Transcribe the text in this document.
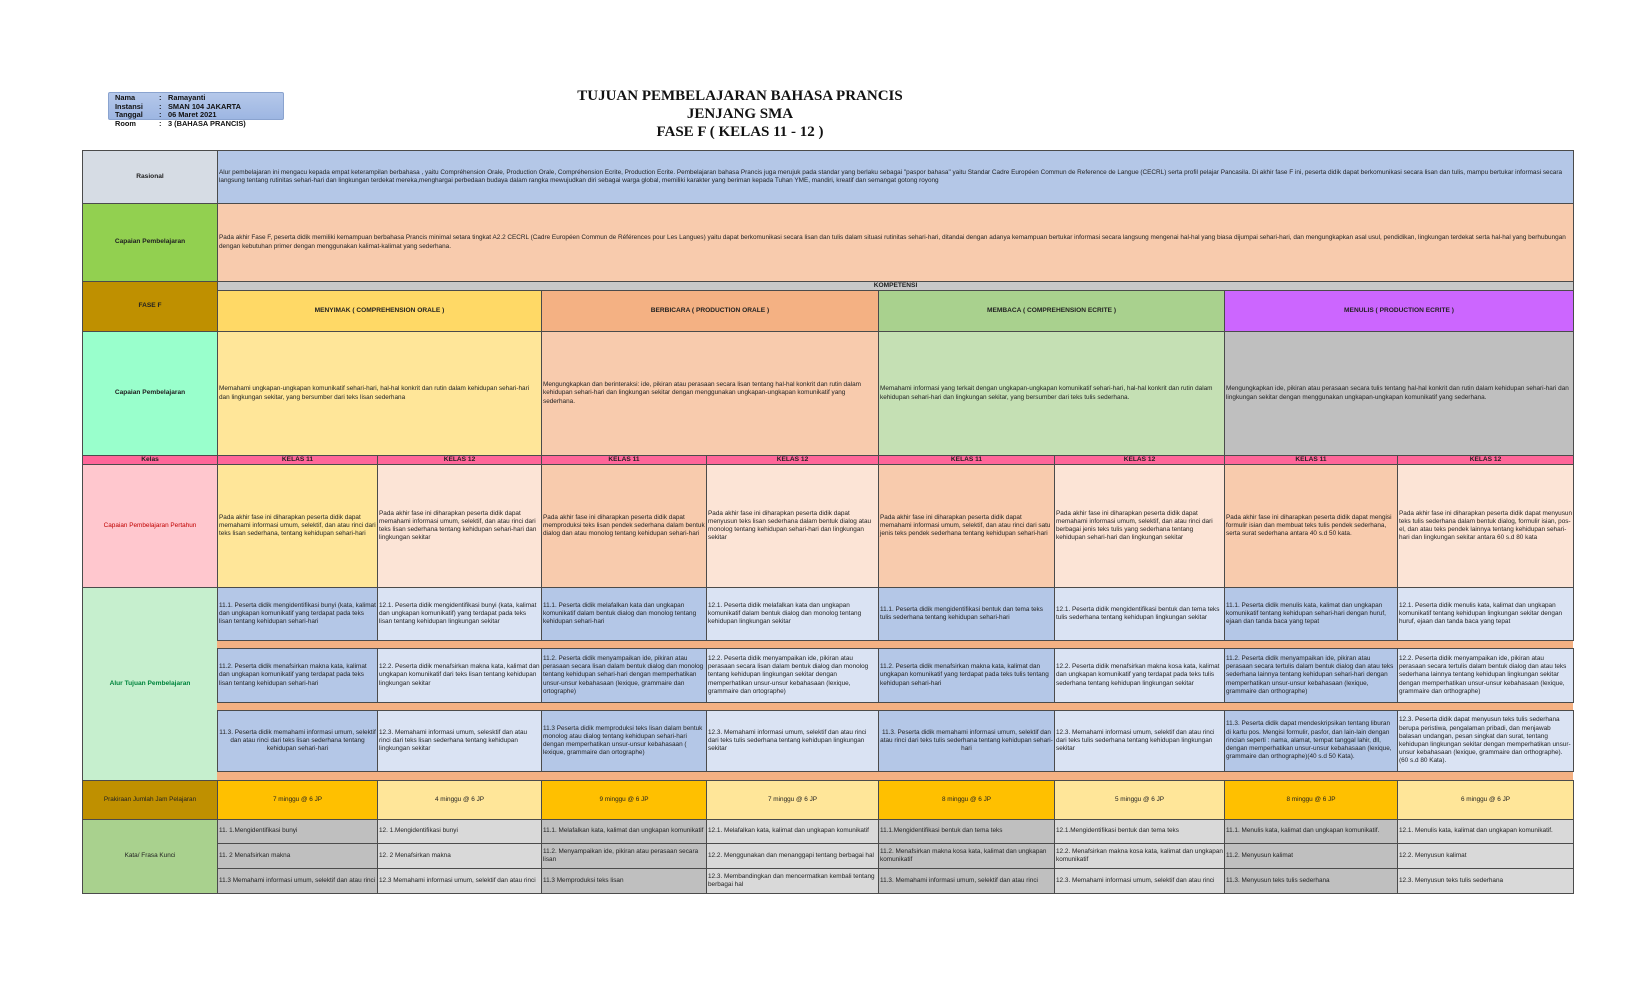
Nama	: Ramayanti
Instansi : SMAN 104 JAKARTA
Tanggal : 06 Maret 2021
Room	: 3 (BAHASA PRANCIS)
TUJUAN PEMBELAJARAN BAHASA PRANCIS
JENJANG SMA
FASE F ( KELAS 11 - 12 )
Rasional
Capaian Pembelajaran
FASE F
Capaian Pembelajaran
Kelas
Capaian Pembelajaran Pertahun
Alur Tujuan Pembelajaran
Prakiraan Jumlah Jam Pelajaran
Kata/ Frasa Kunci
Alur pembelajaran ini mengacu kepada empat keterampilan berbahasa , yaitu Compréhension Orale, Production Orale, Compréhension Ecrite, Production Ecrite. Pembelajaran bahasa Prancis juga merujuk pada standar yang berlaku sebagai "paspor bahasa" yaitu Standar Cadre Européen Commun de Reference de Langue (CECRL) serta profil pelajar Pancasila. Di akhir fase F ini, peserta didik dapat berkomunikasi secara lisan dan tulis, mampu bertukar informasi secara langsung tentang rutinitas sehari-hari dan lingkungan terdekat mereka,menghargai perbedaan budaya dalam rangka mewujudkan diri sebagai warga global, memiliki karakter yang beriman kepada Tuhan YME, mandiri, kreatif dan semangat gotong royong
Pada akhir Fase F, peserta didik memiliki kemampuan berbahasa Prancis minimal setara tingkat A2.2 CECRL (Cadre Européen Commun de Références pour Les Langues) yaitu dapat berkomunikasi secara lisan dan tulis dalam situasi rutinitas sehari-hari, ditandai dengan adanya kemampuan bertukar informasi secara langsung mengenai hal-hal yang biasa dijumpai sehari-hari, dan mengungkapkan asal usul, pendidikan, lingkungan terdekat serta hal-hal yang berhubungan dengan kebutuhan primer dengan menggunakan kalimat-kalimat yang sederhana.
KOMPETENSI
MENYIMAK ( COMPREHENSION ORALE )
Memahami ungkapan-ungkapan komunikatif sehari-hari, hal-hal konkrit dan rutin dalam kehidupan sehari-hari dan lingkungan sekitar, yang bersumber dari teks lisan sederhana
BERBICARA ( PRODUCTION ORALE )
Mengungkapkan dan berinteraksi: ide, pikiran atau perasaan secara lisan tentang hal-hal konkrit dan rutin dalam kehidupan sehari-hari dan lingkungan sekitar dengan menggunakan ungkapan-ungkapan komunikatif yang sederhana.
MEMBACA ( COMPREHENSION ECRITE )
Memahami informasi yang terkait dengan ungkapan-ungkapan komunikatif sehari-hari, hal-hal konkrit dan rutin dalam kehidupan sehari-hari dan lingkungan sekitar, yang bersumber dari teks tulis sederhana.
MENULIS ( PRODUCTION ECRITE )
Mengungkapkan ide, pikiran atau perasaan secara tulis tentang hal-hal konkrit dan rutin dalam kehidupan sehari-hari dan lingkungan sekitar dengan menggunakan ungkapan-ungkapan komunikatif yang sederhana.
KELAS 11
Pada akhir fase ini diharapkan peserta didik dapat memahami informasi umum, selektif, dan atau rinci dari teks lisan sederhana, tentang kehidupan sehari-hari
11.1. Peserta didik mengidentifikasi bunyi (kata, kalimat dan ungkapan komunikatif yang terdapat pada teks lisan tentang kehidupan sehari-hari
11.2. Peserta didik menafsirkan makna kata, kalimat dan ungkapan komunikatif yang terdapat pada teks lisan tentang kehidupan sehari-hari
11.3. Peserta didik memahami informasi umum, selektif dan atau rinci dari teks lisan sederhana tentang kehidupan sehari-hari
7 minggu @ 6 JP
11. 1.Mengidentifikasi bunyi
11. 2 Menafsirkan makna
11.3 Memahami informasi umum, selektif dan atau rinci
KELAS 12
Pada akhir fase ini diharapkan peserta didik dapat memahami informasi umum, selektif, dan atau rinci dari teks lisan sederhana tentang kehidupan sehari-hari dan lingkungan sekitar
12.1. Peserta didik mengidentifikasi bunyi (kata, kalimat dan ungkapan komunikatif) yang terdapat pada teks lisan tentang kehidupan lingkungan sekitar
12.2. Peserta didik menafsirkan makna kata, kalimat dan ungkapan komunikatif dari teks lisan tentang kehidupan lingkungan sekitar
12.3. Memahami informasi umum, selesktif dan atau rinci dari teks lisan sederhana tentang kehidupan lingkungan sekitar
4 minggu @ 6 JP
12. 1.Mengidentifikasi bunyi
12. 2 Menafsirkan makna
12.3 Memahami informasi umum, selektif dan atau rinci
KELAS 11
Pada akhir fase ini diharapkan peserta didik dapat memproduksi teks lisan pendek sederhana dalam bentuk dialog dan atau monolog tentang kehidupan sehari-hari
11.1. Peserta didik melafalkan kata dan ungkapan komunikatif dalam bentuk dialog dan monolog tentang kehidupan sehari-hari
11.2. Peserta didik menyampaikan ide, pikiran atau perasaan secara lisan dalam bentuk dialog dan monolog tentang kehidupan sehari-hari dengan memperhatikan unsur-unsur kebahasaan (lexique, grammaire dan ortographe)
11.3 Peserta didik memproduksi teks lisan dalam bentuk monolog atau dialog tentang kehidupan sehari-hari dengan memperhatikan unsur-unsur kebahasaan ( lexique, grammaire dan ortographe)
9 minggu @ 6 JP
11.1. Melafalkan kata, kalimat dan ungkapan komunikatif
11.2. Menyampaikan ide, pikiran atau perasaan secara lisan
11.3 Memproduksi teks lisan
KELAS 12
Pada akhir fase ini diharapkan peserta didik dapat menyusun teks lisan sederhana dalam bentuk dialog atau monolog tentang kehidupan sehari-hari dan lingkungan sekitar
12.1. Peserta didik melafalkan kata dan ungkapan komunikatif dalam bentuk dialog dan monolog tentang kehidupan lingkungan sekitar
12.2. Peserta didik menyampaikan ide, pikiran atau perasaan secara lisan dalam bentuk dialog dan monolog tentang kehidupan lingkungan sekitar dengan memperhatikan unsur-unsur kebahasaan (lexique, grammaire dan ortographe)
12.3. Memahami informasi umum, selektif dan atau rinci dari teks tulis sederhana tentang kehidupan lingkungan sekitar
7 minggu @ 6 JP
12.1. Melafalkan kata, kalimat dan ungkapan komunikatif
12.2. Menggunakan dan menanggapi tentang berbagai hal
12.3. Membandingkan dan mencermatkan kembali tentang berbagai hal
KELAS 11
Pada akhir fase ini diharapkan peserta didik dapat memahami informasi umum, selektif, dan atau rinci dari satu jenis teks pendek sederhana tentang kehidupan sehari-hari
11.1. Peserta didik mengidentifikasi bentuk dan tema teks tulis sederhana tentang kehidupan sehari-hari
11.2. Peserta didik menafsirkan makna kata, kalimat dan ungkapan komunikatif yang terdapat pada teks tulis tentang kehidupan sehari-hari
11.3. Peserta didik memahami informasi umum, selektif dan atau rinci dari teks tulis sederhana tentang kehidupan sehari-hari
8 minggu @ 6 JP
11.1.Mengidentifikasi bentuk dan tema teks
11.2. Menafsirkan makna kosa kata, kalimat dan ungkapan komunikatif
11.3. Memahami informasi umum, selektif dan atau rinci
KELAS 12
Pada akhir fase ini diharapkan peserta didik dapat memahami informasi umum, selektif, dan atau rinci dari berbagai jenis teks tulis yang sederhana tentang kehidupan sehari-hari dan lingkungan sekitar
12.1. Peserta didik mengidentifikasi bentuk dan tema teks tulis sederhana tentang kehidupan lingkungan sekitar
12.2. Peserta didik menafsirkan makna kosa kata, kalimat dan ungkapan komunikatif yang terdapat pada teks tulis sederhana tentang kehidupan lingkungan sekitar
12.3. Memahami informasi umum, selektif dan atau rinci dari teks tulis sederhana tentang kehidupan lingkungan sekitar
5 minggu @ 6 JP
12.1.Mengidentifikasi bentuk dan tema teks
12.2. Menafsirkan makna kosa kata, kalimat dan ungkapan komunikatif
12.3. Memahami informasi umum, selektif dan atau rinci
KELAS 11
Pada akhir fase ini diharapkan peserta didik dapat mengisi formulir isian dan membuat teks tulis pendek sederhana, serta surat sederhana antara 40 s.d 50 kata.
11.1. Peserta didik menulis kata, kalimat dan ungkapan komunikatif tentang kehidupan sehari-hari dengan huruf, ejaan dan tanda baca yang tepat
11.2. Peserta didik menyampaikan ide, pikiran atau perasaan secara tertulis dalam bentuk dialog dan atau teks sederhana lainnya tentang kehidupan sehari-hari dengan memperhatikan unsur-unsur kebahasaan (lexique, grammaire dan orthographe)
11.3. Peserta didik dapat mendeskripsikan tentang liburan di kartu pos. Mengisi formulir, pasfor, dan lain-lain dengan rincian seperti : nama, alamat, tempat tanggal lahir, dll, dengan memperhatikan unsur-unsur kebahasaan (lexique, grammaire dan orthographe)(40 s.d 50 Kata).
8 minggu @ 6 JP
11.1. Menulis kata, kalimat dan ungkapan komunikatif.
11.2. Menyusun kalimat
11.3. Menyusun teks tulis sederhana
KELAS 12
Pada akhir fase ini diharapkan peserta didik dapat menyusun teks tulis sederhana dalam bentuk dialog, formulir isian, pos-el, dan atau teks pendek lainnya tentang kehidupan sehari-hari dan lingkungan sekitar antara 60 s.d 80 kata
12.1. Peserta didik menulis kata, kalimat dan ungkapan komunikatif tentang kehidupan lingkungan sekitar dengan huruf, ejaan dan tanda baca yang tepat
12.2. Peserta didik menyampaikan ide, pikiran atau perasaan secara tertulis dalam bentuk dialog dan atau teks sederhana lainnya tentang kehidupan lingkungan sekitar dengan memperhatikan unsur-unsur kebahasaan (lexique, grammaire dan orthographe)
12.3. Peserta didik dapat menyusun teks tulis sederhana berupa peristiwa, pengalaman pribadi, dan menjawab balasan undangan, pesan singkat dan surat, tentang kehidupan lingkungan sekitar dengan memperhatikan unsur-unsur kebahasaan (lexique, grammaire dan orthographe). (60 s.d 80 Kata).
6 minggu @ 6 JP
12.1. Menulis kata, kalimat dan ungkapan komunikatif.
12.2. Menyusun kalimat
12.3. Menyusun teks tulis sederhana
